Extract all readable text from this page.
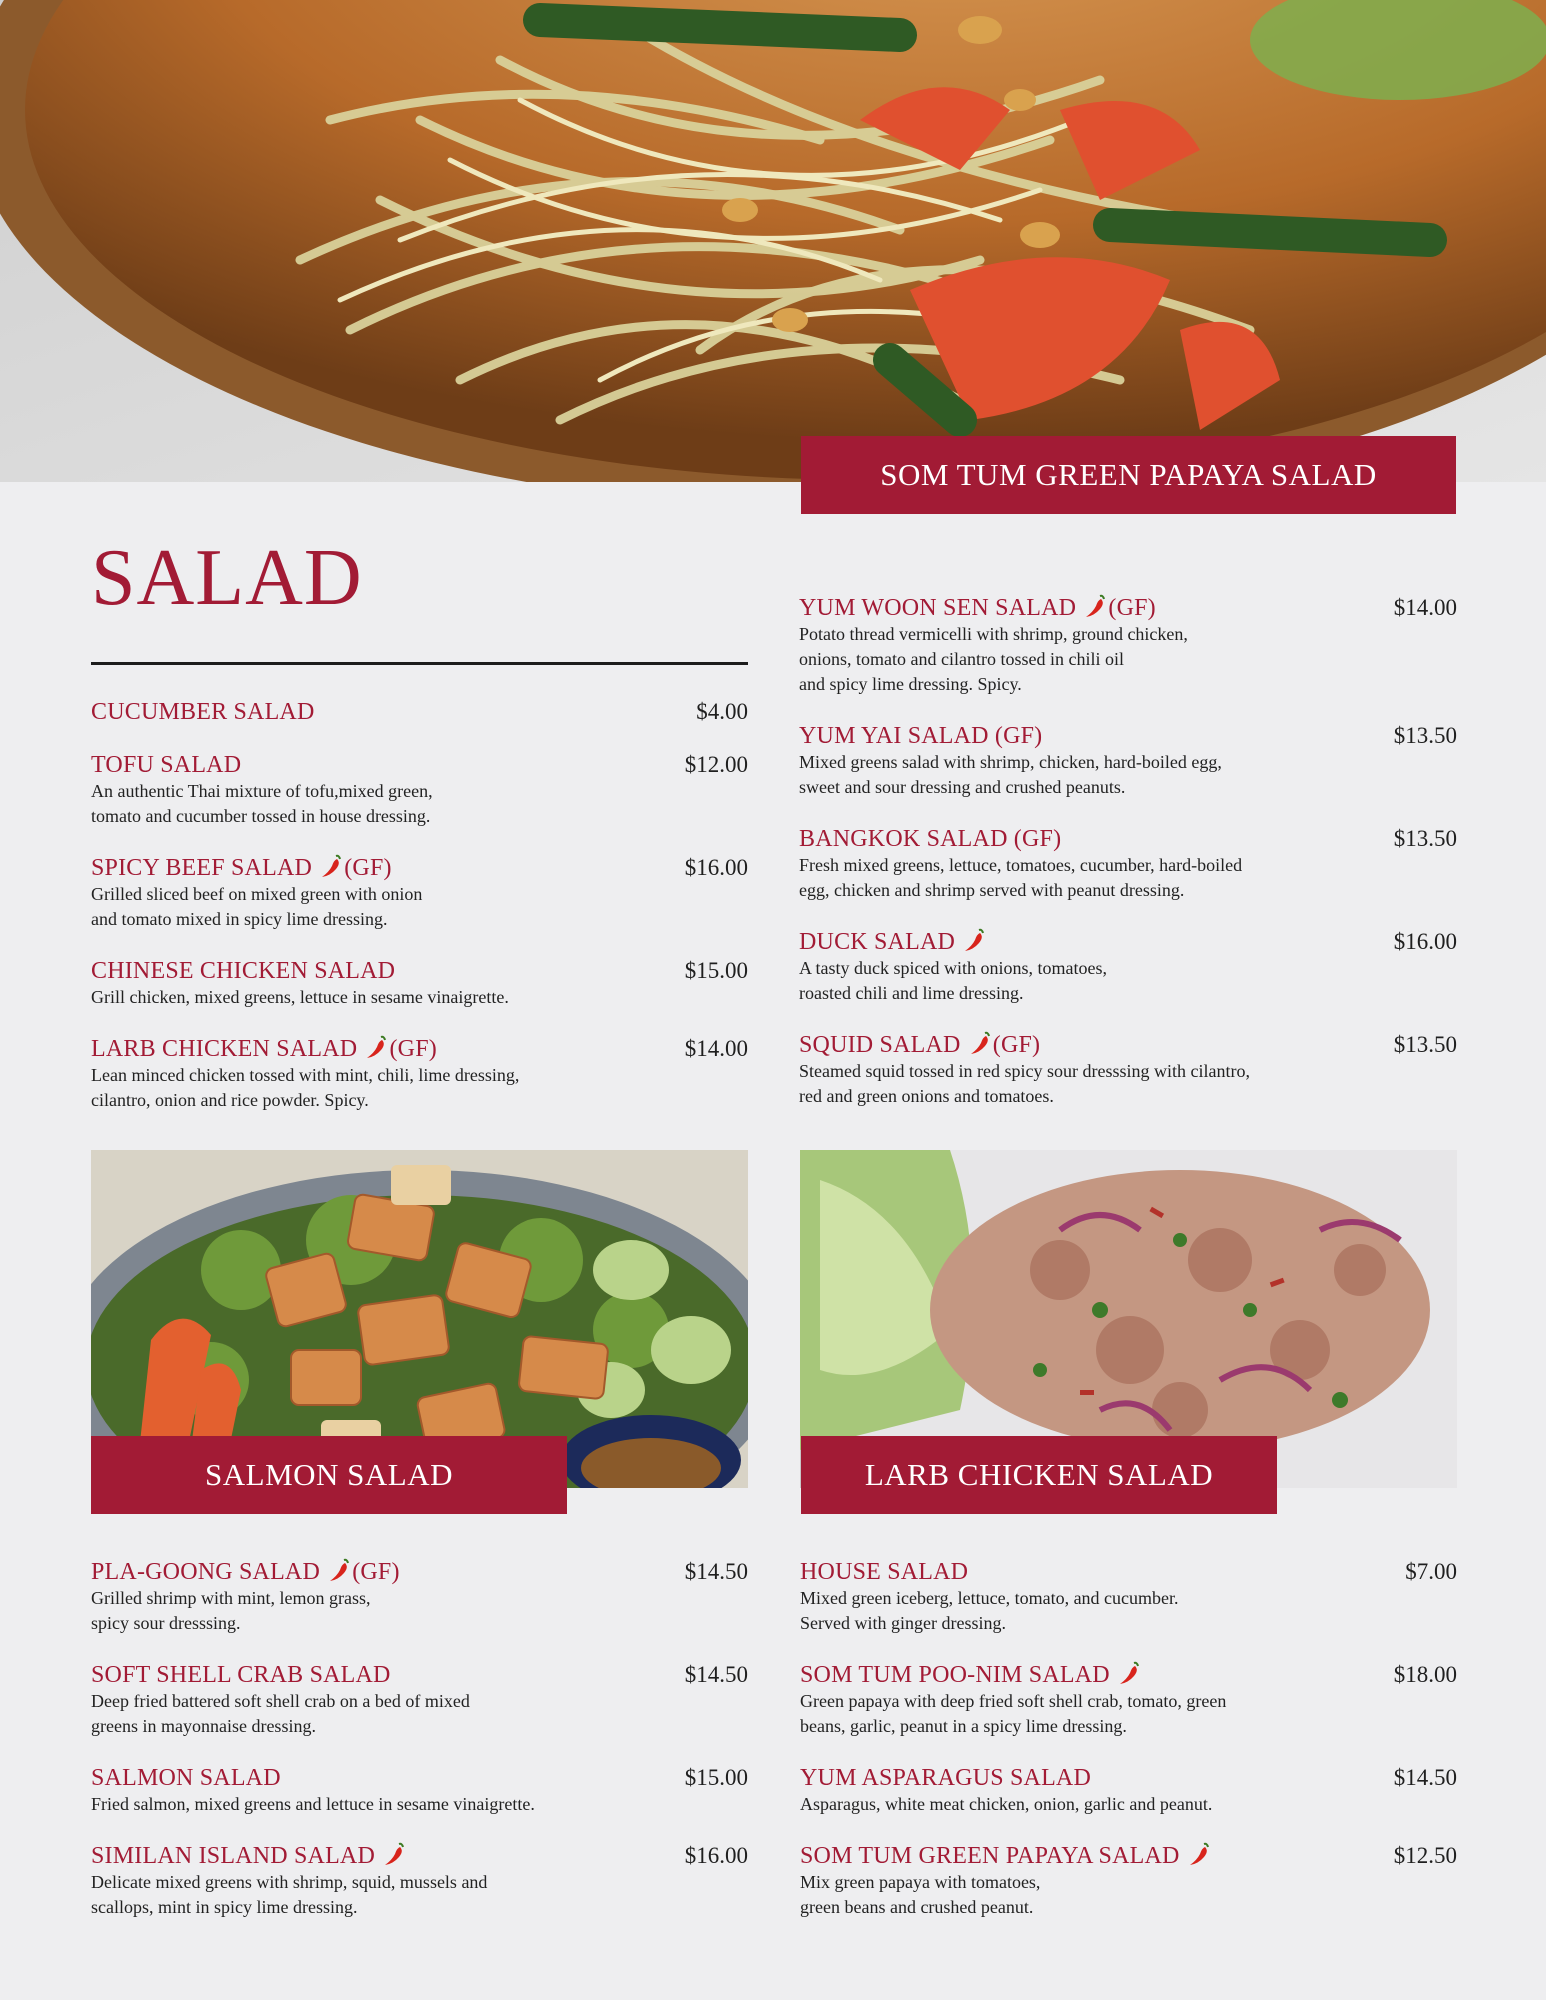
SOM TUM GREEN PAPAYA SALAD
SALAD
CUCUMBER SALAD	$4.00
TOFU SALAD	$12.00
An authentic Thai mixture of tofu,mixed green,
tomato and cucumber tossed in house dressing.
SPICY BEEF SALAD (GF)	$16.00
Grilled sliced beef on mixed green with onion
and tomato mixed in spicy lime dressing.
CHINESE CHICKEN SALAD	$15.00
Grill chicken, mixed greens, lettuce in sesame vinaigrette.
LARB CHICKEN SALAD (GF)	$14.00
Lean minced chicken tossed with mint, chili, lime dressing,
cilantro, onion and rice powder. Spicy.
YUM WOON SEN SALAD (GF)	$14.00
Potato thread vermicelli with shrimp, ground chicken,
onions, tomato and cilantro tossed in chili oil
and spicy lime dressing. Spicy.
YUM YAI SALAD (GF)	$13.50
Mixed greens salad with shrimp, chicken, hard-boiled egg,
sweet and sour dressing and crushed peanuts.
BANGKOK SALAD (GF)	$13.50
Fresh mixed greens, lettuce, tomatoes, cucumber, hard-boiled
egg, chicken and shrimp served with peanut dressing.
DUCK SALAD	$16.00
A tasty duck spiced with onions, tomatoes,
roasted chili and lime dressing.
SQUID SALAD (GF)	$13.50
Steamed squid tossed in red spicy sour dresssing with cilantro,
red and green onions and tomatoes.
SALMON SALAD	LARB CHICKEN SALAD
PLA-GOONG SALAD (GF)	$14.50
Grilled shrimp with mint, lemon grass,
spicy sour dresssing.
SOFT SHELL CRAB SALAD	$14.50
Deep fried battered soft shell crab on a bed of mixed
greens in mayonnaise dressing.
SALMON SALAD	$15.00
Fried salmon, mixed greens and lettuce in sesame vinaigrette.
SIMILAN ISLAND SALAD	$16.00
Delicate mixed greens with shrimp, squid, mussels and
scallops, mint in spicy lime dressing.
HOUSE SALAD	$7.00
Mixed green iceberg, lettuce, tomato, and cucumber.
Served with ginger dressing.
SOM TUM POO-NIM SALAD	$18.00
Green papaya with deep fried soft shell crab, tomato, green
beans, garlic, peanut in a spicy lime dressing.
YUM ASPARAGUS SALAD	$14.50
Asparagus, white meat chicken, onion, garlic and peanut.
SOM TUM GREEN PAPAYA SALAD	$12.50
Mix green papaya with tomatoes,
green beans and crushed peanut.
